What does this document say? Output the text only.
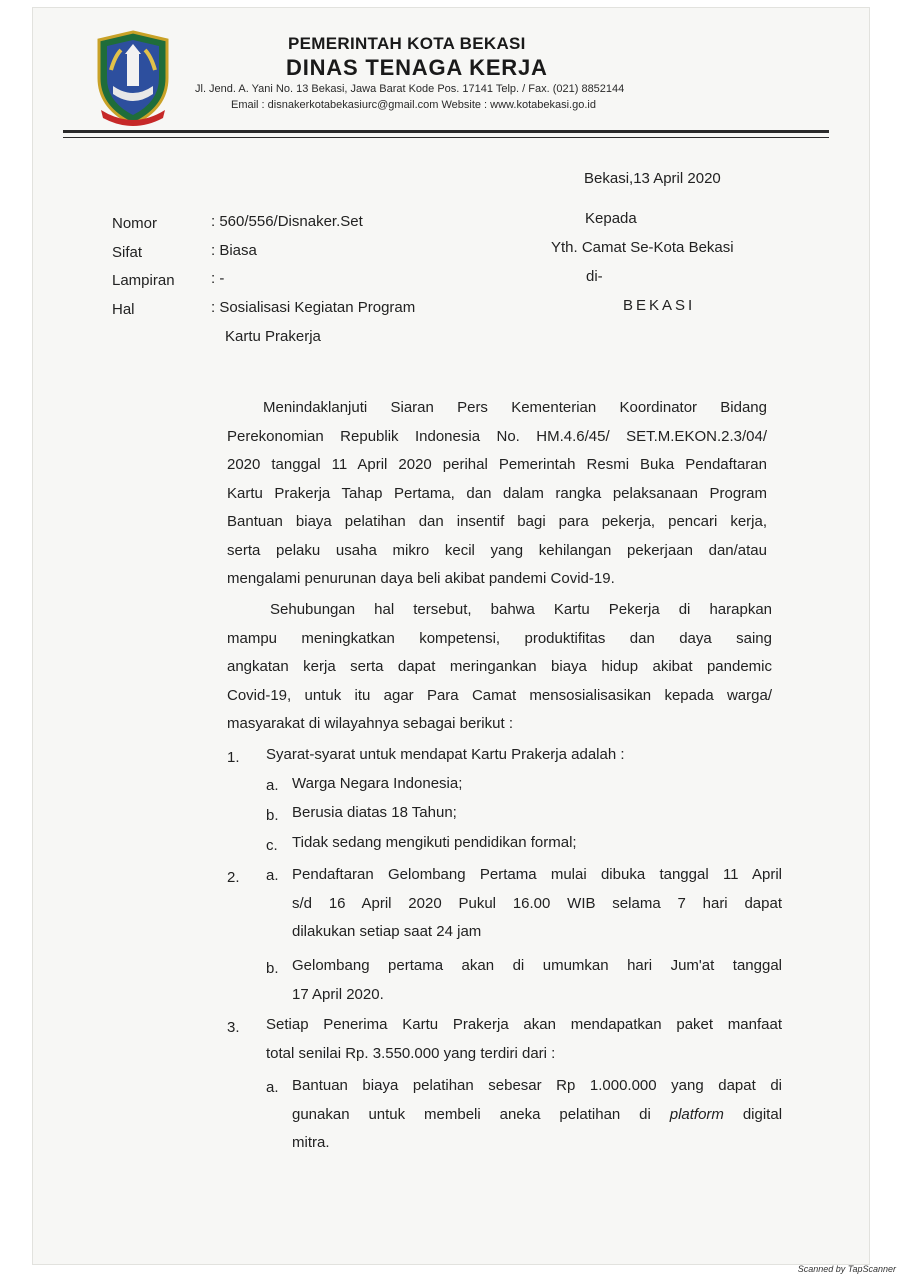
PEMERINTAH KOTA BEKASI
DINAS TENAGA KERJA
Jl. Jend. A. Yani No. 13 Bekasi, Jawa Barat Kode Pos. 17141 Telp. / Fax. (021) 8852144
Email : disnakerkotabekasiurc@gmail.com Website : www.kotabekasi.go.id
Bekasi,13 April 2020
Nomor	: 560/556/Disnaker.Set
Sifat	: Biasa
Lampiran : -
Hal	: Sosialisasi Kegiatan Program
Kartu Prakerja
Kepada
Yth. Camat Se-Kota Bekasi
di-
BEKASI
Menindaklanjuti Siaran Pers Kementerian Koordinator Bidang
Perekonomian Republik Indonesia No. HM.4.6/45/ SET.M.EKON.2.3/04/
2020 tanggal 11 April 2020 perihal Pemerintah Resmi Buka Pendaftaran
Kartu Prakerja Tahap Pertama, dan dalam rangka pelaksanaan Program
Bantuan biaya pelatihan dan insentif bagi para pekerja, pencari kerja,
serta pelaku usaha mikro kecil yang kehilangan pekerjaan dan/atau
mengalami penurunan daya beli akibat pandemi Covid-19.
Sehubungan hal tersebut, bahwa Kartu Pekerja di harapkan
mampu meningkatkan kompetensi, produktifitas dan daya saing
angkatan kerja serta dapat meringankan biaya hidup akibat pandemic
Covid-19, untuk itu agar Para Camat mensosialisasikan kepada warga/
masyarakat di wilayahnya sebagai berikut :
1. Syarat-syarat untuk mendapat Kartu Prakerja adalah :
a. Warga Negara Indonesia;
b. Berusia diatas 18 Tahun;
c. Tidak sedang mengikuti pendidikan formal;
2. a. Pendaftaran Gelombang Pertama mulai dibuka tanggal 11 April
s/d 16 April 2020 Pukul 16.00 WIB selama 7 hari dapat
dilakukan setiap saat 24 jam
b. Gelombang pertama akan di umumkan hari Jum'at tanggal
17 April 2020.
3. Setiap Penerima Kartu Prakerja akan mendapatkan paket manfaat
total senilai Rp. 3.550.000 yang terdiri dari :
a. Bantuan biaya pelatihan sebesar Rp 1.000.000 yang dapat di
gunakan untuk membeli aneka pelatihan di platform digital
mitra.
Scanned by TapScanner
